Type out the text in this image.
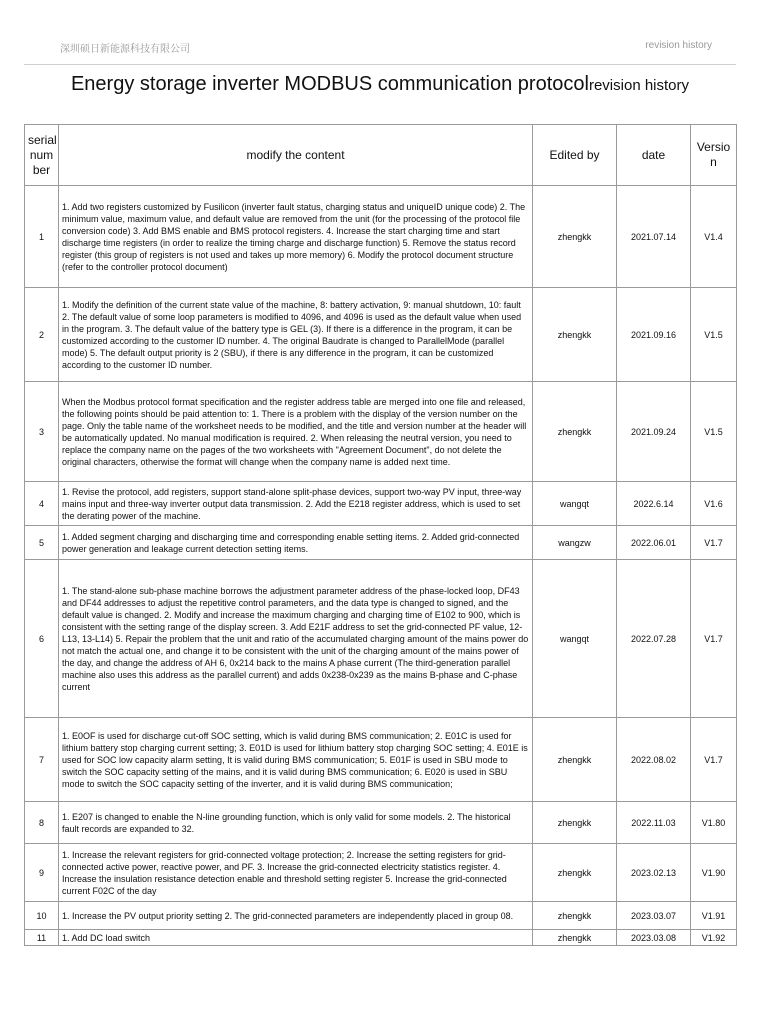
深圳硕日新能源科技有限公司	revision history
Energy storage inverter MODBUS communication protocolrevision history
serial num ber	modify the content	Edited by	date	Versio n
1	1. Add two registers customized by Fusilicon (inverter fault status, charging status and uniqueID unique code) 2. The minimum value, maximum value, and default value are removed from the unit (for the processing of the protocol file conversion code) 3. Add BMS enable and BMS protocol registers. 4. Increase the start charging time and start discharge time registers (in order to realize the timing charge and discharge function) 5. Remove the status record register (this group of registers is not used and takes up more memory) 6. Modify the protocol document structure (refer to the controller protocol document)	zhengkk	2021.07.14	V1.4
2	1. Modify the definition of the current state value of the machine, 8: battery activation, 9: manual shutdown, 10: fault 2. The default value of some loop parameters is modified to 4096, and 4096 is used as the default value when used in the program. 3. The default value of the battery type is GEL (3). If there is a difference in the program, it can be customized according to the customer ID number. 4. The original Baudrate is changed to ParallelMode (parallel mode) 5. The default output priority is 2 (SBU), if there is any difference in the program, it can be customized according to the customer ID number.	zhengkk	2021.09.16	V1.5
3	When the Modbus protocol format specification and the register address table are merged into one file and released, the following points should be paid attention to: 1. There is a problem with the display of the version number on the page. Only the table name of the worksheet needs to be modified, and the title and version number at the header will be automatically updated. No manual modification is required. 2. When releasing the neutral version, you need to replace the company name on the pages of the two worksheets with "Agreement Document", do not delete the original characters, otherwise the format will change when the company name is added next time.	zhengkk	2021.09.24	V1.5
4	1. Revise the protocol, add registers, support stand-alone split-phase devices, support two-way PV input, three-way mains input and three-way inverter output data transmission. 2. Add the E218 register address, which is used to set the derating power of the machine.	wangqt	2022.6.14	V1.6
5	1. Added segment charging and discharging time and corresponding enable setting items. 2. Added grid-connected power generation and leakage current detection setting items.	wangzw	2022.06.01	V1.7
6	1. The stand-alone sub-phase machine borrows the adjustment parameter address of the phase-locked loop, DF43 and DF44 addresses to adjust the repetitive control parameters, and the data type is changed to signed, and the default value is changed. 2. Modify and increase the maximum charging and charging time of E102 to 900, which is consistent with the setting range of the display screen. 3. Add E21F address to set the grid-connected PF value, 12-L13, 13-L14) 5. Repair the problem that the unit and ratio of the accumulated charging amount of the mains power do not match the actual one, and change it to be consistent with the unit of the charging amount of the mains power of the day, and change the address of AH 6, 0x214 back to the mains A phase current (The third-generation parallel machine also uses this address as the parallel current) and adds 0x238-0x239 as the mains B-phase and C-phase current	wangqt	2022.07.28	V1.7
7	1. E0OF is used for discharge cut-off SOC setting, which is valid during BMS communication; 2. E01C is used for lithium battery stop charging current setting; 3. E01D is used for lithium battery stop charging SOC setting; 4. E01E is used for SOC low capacity alarm setting, It is valid during BMS communication; 5. E01F is used in SBU mode to switch the SOC capacity setting of the mains, and it is valid during BMS communication; 6. E020 is used in SBU mode to switch the SOC capacity setting of the inverter, and it is valid during BMS communication;	zhengkk	2022.08.02	V1.7
8	1. E207 is changed to enable the N-line grounding function, which is only valid for some models. 2. The historical fault records are expanded to 32.	zhengkk	2022.11.03	V1.80
9	1. Increase the relevant registers for grid-connected voltage protection; 2. Increase the setting registers for grid-connected active power, reactive power, and PF. 3. Increase the grid-connected electricity statistics register. 4. Increase the insulation resistance detection enable and threshold setting register 5. Increase the grid-connected current F02C of the day	zhengkk	2023.02.13	V1.90
10	1. Increase the PV output priority setting 2. The grid-connected parameters are independently placed in group 08.	zhengkk	2023.03.07	V1.91
11	1. Add DC load switch	zhengkk	2023.03.08	V1.92
